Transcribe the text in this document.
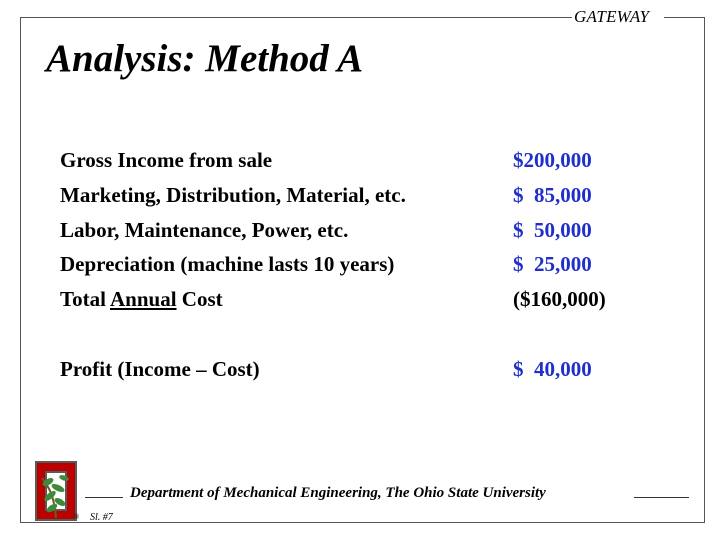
GATEWAY
Analysis: Method A
Gross Income from sale	$200,000
Marketing, Distribution, Material, etc.	$  85,000
Labor, Maintenance, Power, etc.	$  50,000
Depreciation (machine lasts 10 years)	$  25,000
Total Annual Cost	($160,000)
Profit (Income – Cost)	$  40,000
®
Department of Mechanical Engineering, The Ohio State University
Sl. #7
